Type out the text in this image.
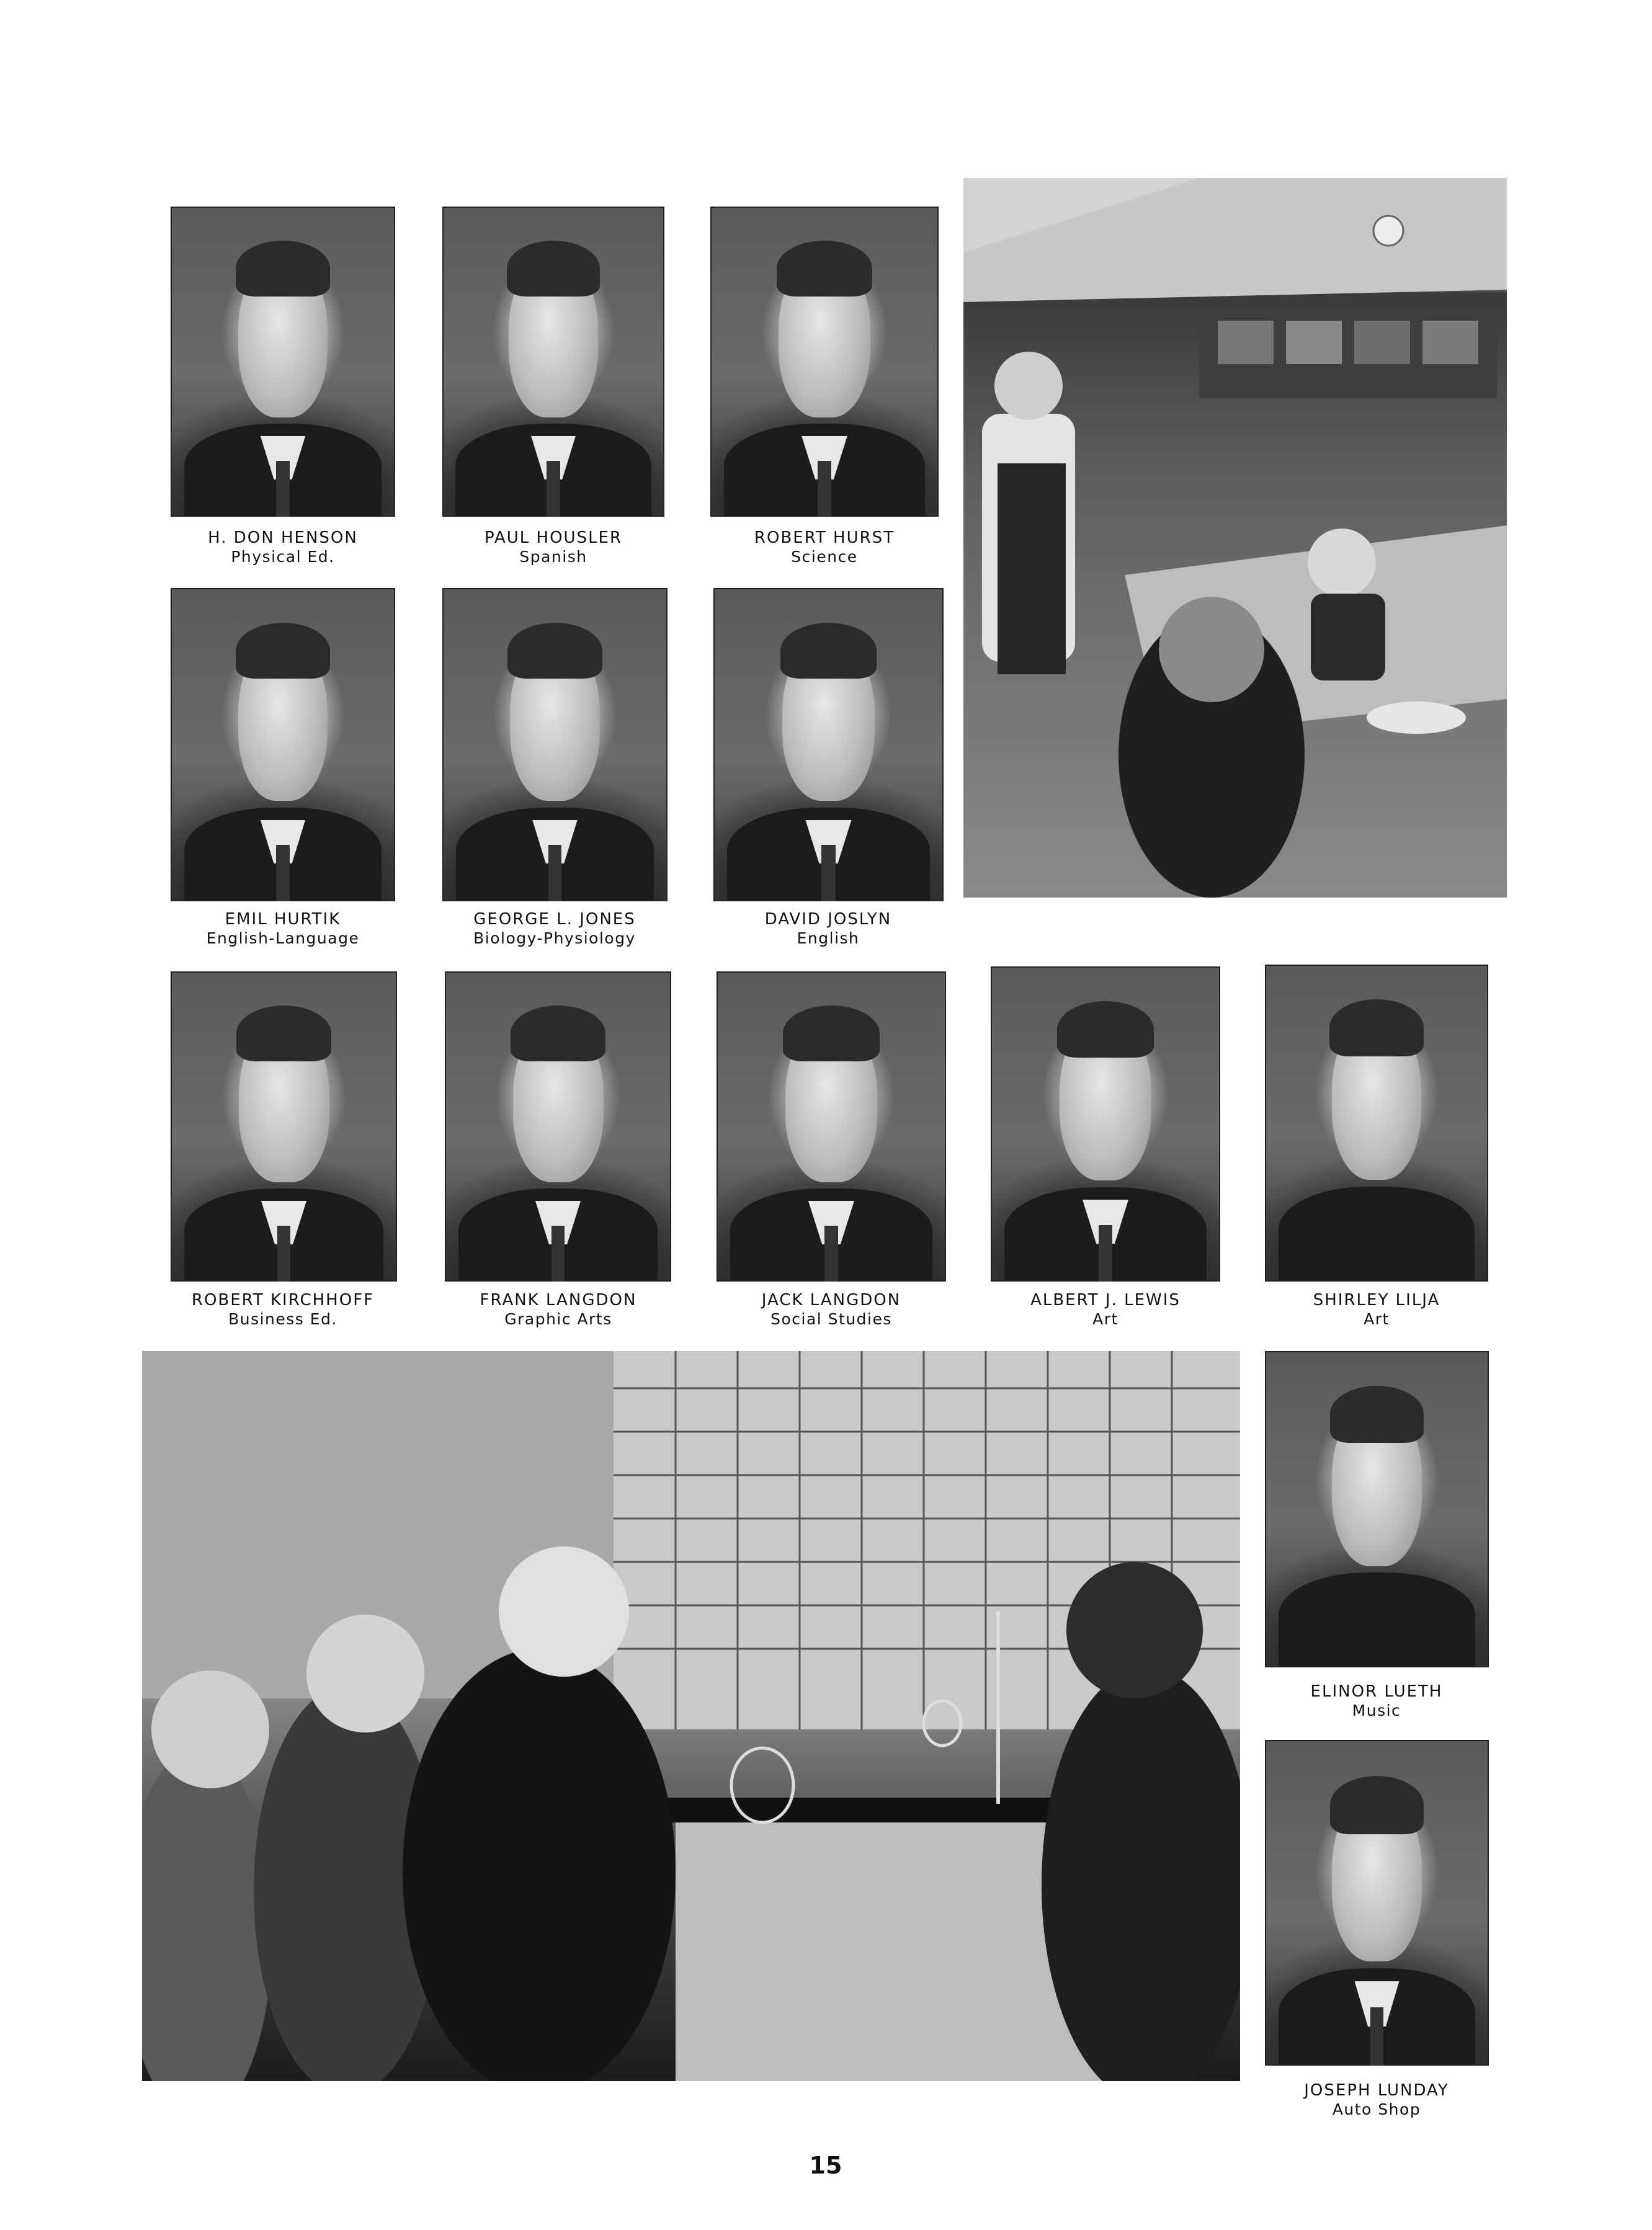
H. DON HENSON
Physical Ed.
PAUL HOUSLER
Spanish
ROBERT HURST
Science
EMIL HURTIK
English-Language
GEORGE L. JONES
Biology-Physiology
DAVID JOSLYN
English
ROBERT KIRCHHOFF
Business Ed.
FRANK LANGDON
Graphic Arts
JACK LANGDON
Social Studies
ALBERT J. LEWIS
Art
SHIRLEY LILJA
Art
ELINOR LUETH
Music
JOSEPH LUNDAY
Auto Shop
15
